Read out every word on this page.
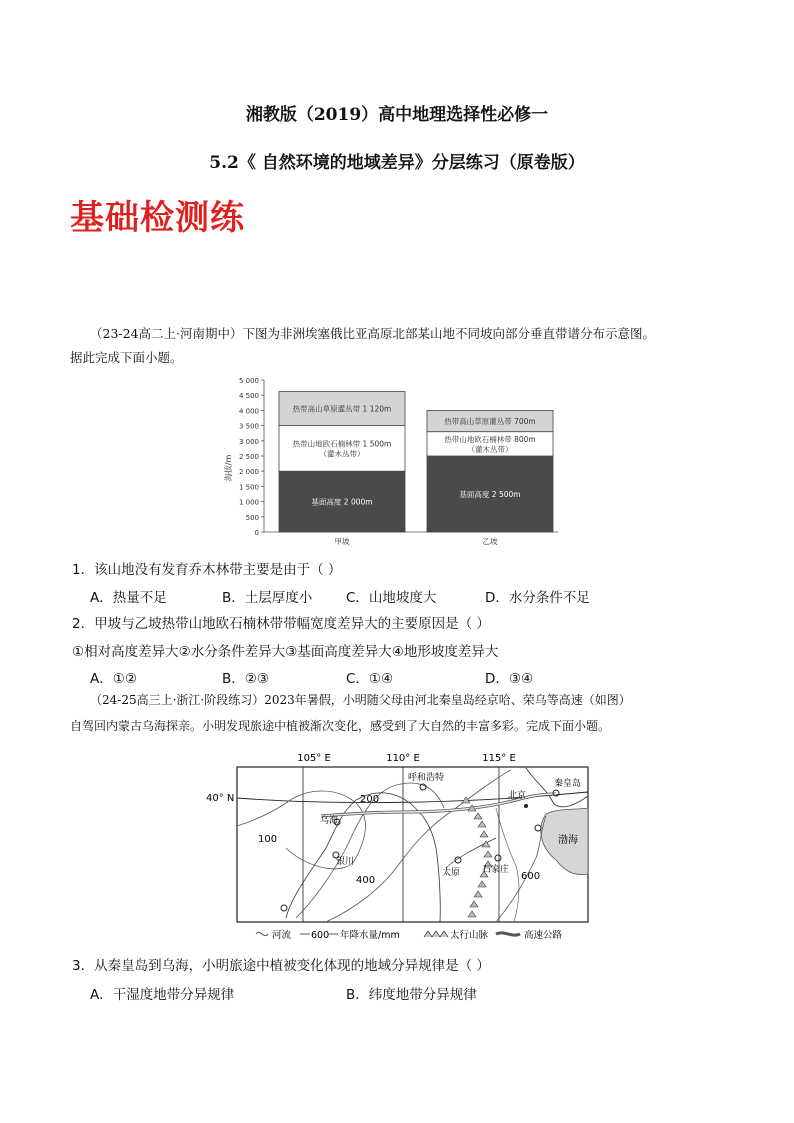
湘教版（2019）高中地理选择性必修一
5.2《 自然环境的地域差异》分层练习（原卷版）
基础检测练
（23-24高二上·河南期中）下图为非洲埃塞俄比亚高原北部某山地不同坡向部分垂直带谱分布示意图。
据此完成下面小题。
0
500
1 000
1 500
2 000
2 500
3 000
3 500
4 000
4 500
5 000
海拔/m
基面高度 2 000m
热带山地欧石楠林带 1 500m
（灌木丛带）
热带高山草原灌丛带 1 120m
甲坡
基面高度 2 500m
热带山地欧石楠林带 800m
（灌木丛带）
热带高山草原灌丛带 700m
乙坡
1．该山地没有发育乔木林带主要是由于（ ）
A．热量不足	B．土层厚度小 C．山地坡度大	D．水分条件不足
2．甲坡与乙坡热带山地欧石楠林带带幅宽度差异大的主要原因是（ ）
①相对高度差异大②水分条件差异大③基面高度差异大④地形坡度差异大
A．①②	B．②③	C．①④	D．③④
（24-25高三上·浙江·阶段练习）2023年暑假，小明随父母由河北秦皇岛经京哈、荣乌等高速（如图）
自驾回内蒙古乌海探亲。小明发现旅途中植被渐次变化，感受到了大自然的丰富多彩。完成下面小题。
105° E	110° E	115° E
40° N
渤海
100
200
400	600
呼和浩特
北京
秦皇岛
乌海
银川
太原 石家庄
河流 600 年降水量/mm	太行山脉	高速公路
3．从秦皇岛到乌海，小明旅途中植被变化体现的地域分异规律是（ ）
A．干湿度地带分异规律	B．纬度地带分异规律
